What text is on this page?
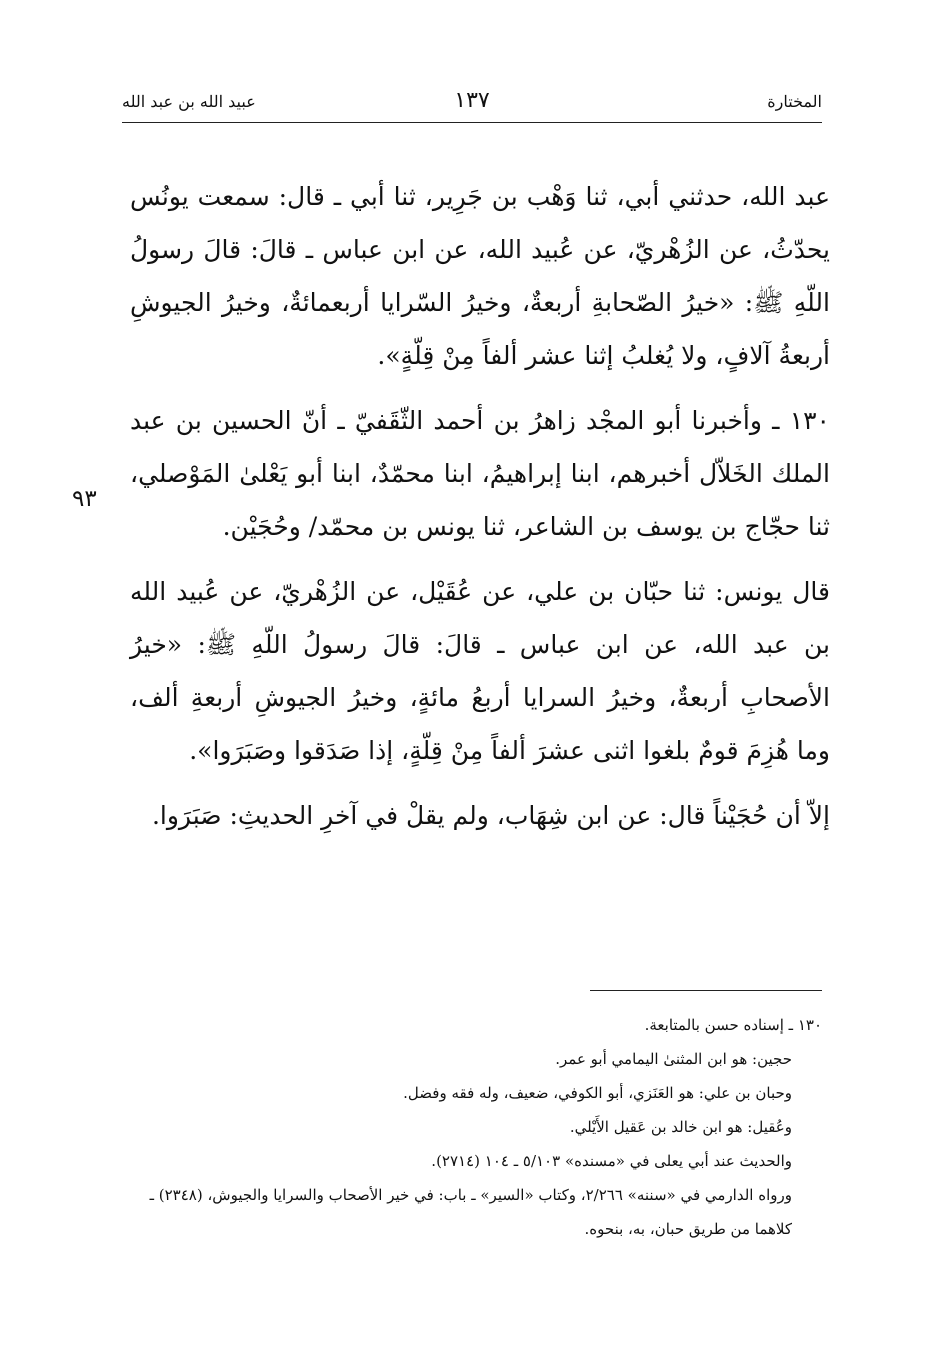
المختارة
١٣٧
عبيد الله بن عبد الله

عبد الله، حدثني أبي، ثنا وَهْب بن جَرِير، ثنا أبي ـ قال: سمعت يونُس يحدّثُ، عن الزُهْريّ، عن عُبيد الله، عن ابن عباس ـ قالَ: قالَ رسولُ اللّهِ ﷺ: «خيرُ الصّحابةِ أربعةٌ، وخيرُ السّرايا أربعمائةٌ، وخيرُ الجيوشِ أربعةُ آلافٍ، ولا يُغلبُ إثنا عشر ألفاً مِنْ قِلّةٍ».

١٣٠ ـ وأخبرنا أبو المجْد زاهرُ بن أحمد الثّقَفيّ ـ أنّ الحسين بن عبد الملك الخَلاّل أخبرهم، ابنا إبراهيمُ، ابنا محمّدٌ، ابنا أبو يَعْلىٰ المَوْصلي، ثنا حجّاج بن يوسف بن الشاعر، ثنا يونس بن محمّد/ وحُجَيْن.

قال يونس: ثنا حبّان بن علي، عن عُقَيْل، عن الزُهْريّ، عن عُبيد الله بن عبد الله، عن ابن عباس ـ قالَ: قالَ رسولُ اللّهِ ﷺ: «خيرُ الأصحابِ أربعةٌ، وخيرُ السرايا أربعُ مائةٍ، وخيرُ الجيوشِ أربعةِ ألف، وما هُزِمَ قومٌ بلغوا اثنى عشرَ ألفاً مِنْ قِلّةٍ، إذا صَدَقوا وصَبَرَوا».

إلاّ أن حُجَيْناً قال: عن ابن شِهَاب، ولم يقلْ في آخرِ الحديثِ: صَبَرَوا.

٩٣

١٣٠ ـ إسناده حسن بالمتابعة.

حجين: هو ابن المثنىٰ اليمامي أبو عمر.

وحبان بن علي: هو العَنَزي، أبو الكوفي، ضعيف، وله فقه وفضل.

وعُقيل: هو ابن خالد بن عَقيل الأَيْلي.

والحديث عند أبي يعلى في «مسنده» ٥/١٠٣ ـ ١٠٤ (٢٧١٤).

ورواه الدارمي في «سننه» ٢/٢٦٦، وكتاب «السير» ـ باب: في خير الأصحاب والسرايا والجيوش، (٢٣٤٨) ـ كلاهما من طريق حبان، به، بنحوه.
